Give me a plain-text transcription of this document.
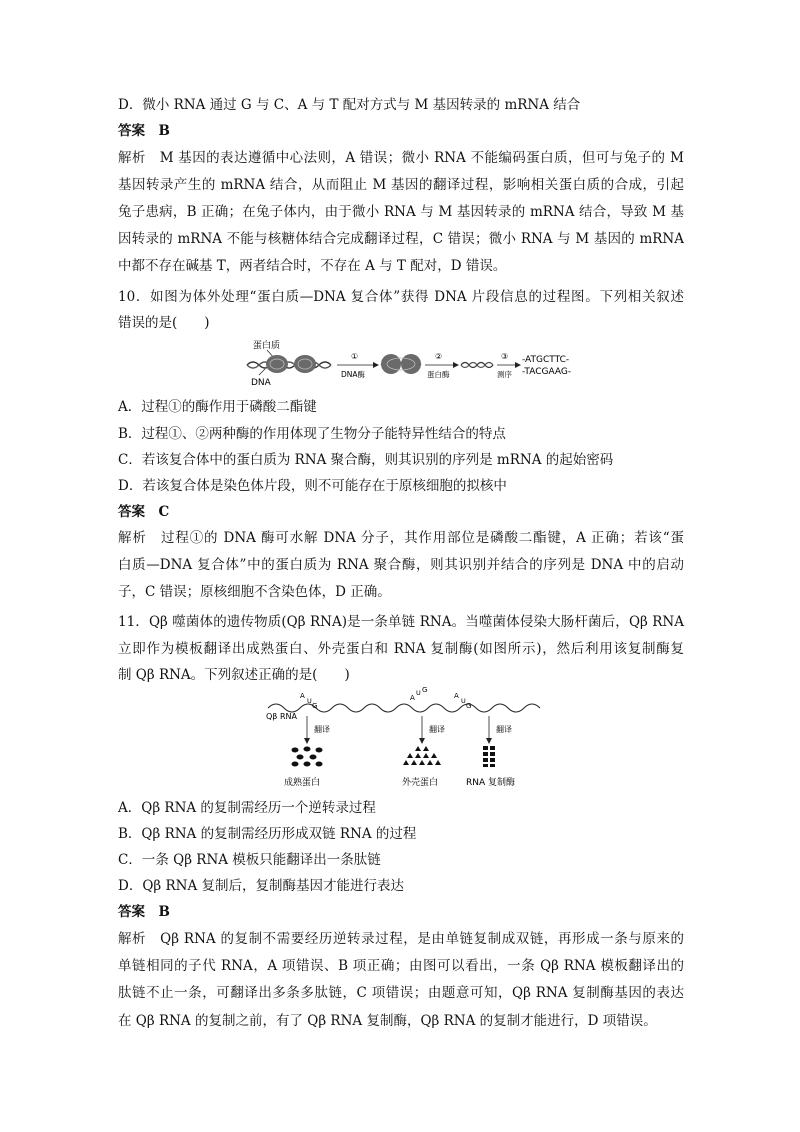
D．微小 RNA 通过 G 与 C、A 与 T 配对方式与 M 基因转录的 mRNA 结合
答案　B
解析　M 基因的表达遵循中心法则，A 错误；微小 RNA 不能编码蛋白质，但可与兔子的 M
基因转录产生的 mRNA 结合，从而阻止 M 基因的翻译过程，影响相关蛋白质的合成，引起
兔子患病，B 正确；在兔子体内，由于微小 RNA 与 M 基因转录的 mRNA 结合，导致 M 基
因转录的 mRNA 不能与核糖体结合完成翻译过程，C 错误；微小 RNA 与 M 基因的 mRNA
中都不存在碱基 T，两者结合时，不存在 A 与 T 配对，D 错误。
10．如图为体外处理“蛋白质—DNA 复合体”获得 DNA 片段信息的过程图。下列相关叙述
错误的是(　　)
蛋白质
DNA
①
DNA酶
②
蛋白酶
③
测序
-ATGCTTC-
-TACGAAG-
A．过程①的酶作用于磷酸二酯键
B．过程①、②两种酶的作用体现了生物分子能特异性结合的特点
C．若该复合体中的蛋白质为 RNA 聚合酶，则其识别的序列是 mRNA 的起始密码
D．若该复合体是染色体片段，则不可能存在于原核细胞的拟核中
答案　C
解析　过程①的 DNA 酶可水解 DNA 分子，其作用部位是磷酸二酯键，A 正确；若该“蛋
白质—DNA 复合体”中的蛋白质为 RNA 聚合酶，则其识别并结合的序列是 DNA 中的启动
子，C 错误；原核细胞不含染色体，D 正确。
11．Qβ 噬菌体的遗传物质(Qβ RNA)是一条单链 RNA。当噬菌体侵染大肠杆菌后，Qβ RNA
立即作为模板翻译出成熟蛋白、外壳蛋白和 RNA 复制酶(如图所示)，然后利用该复制酶复
制 Qβ RNA。下列叙述正确的是(　　)
Qβ RNA
A
U
G
A
U G
A
U
G
翻译	翻译	翻译
成熟蛋白	外壳蛋白	RNA 复制酶
A．Qβ RNA 的复制需经历一个逆转录过程
B．Qβ RNA 的复制需经历形成双链 RNA 的过程
C．一条 Qβ RNA 模板只能翻译出一条肽链
D．Qβ RNA 复制后，复制酶基因才能进行表达
答案　B
解析　Qβ RNA 的复制不需要经历逆转录过程，是由单链复制成双链，再形成一条与原来的
单链相同的子代 RNA，A 项错误、B 项正确；由图可以看出，一条 Qβ RNA 模板翻译出的
肽链不止一条，可翻译出多条多肽链，C 项错误；由题意可知，Qβ RNA 复制酶基因的表达
在 Qβ RNA 的复制之前，有了 Qβ RNA 复制酶，Qβ RNA 的复制才能进行，D 项错误。
